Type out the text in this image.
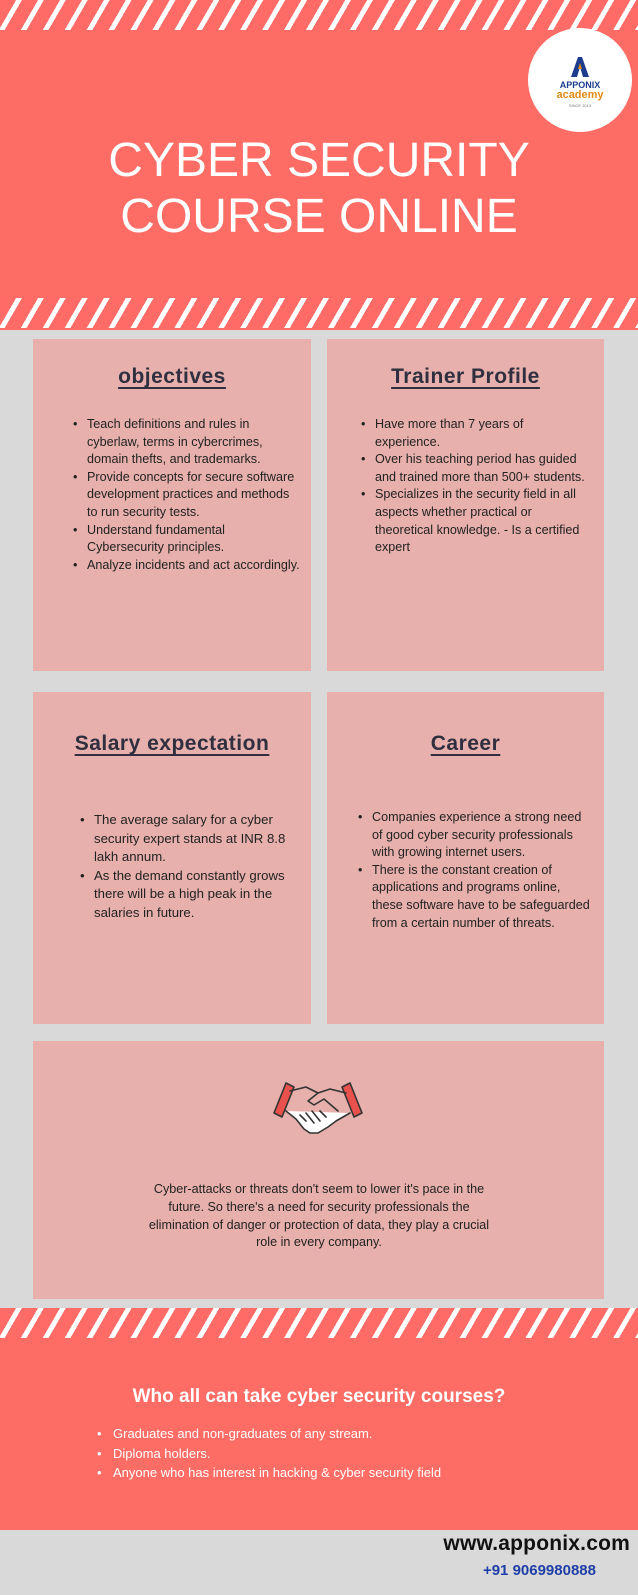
APPONIX
academy
SINCE 2013
CYBER SECURITY
COURSE ONLINE
objectives
• Teach definitions and rules in cyberlaw, terms in cybercrimes, domain thefts, and trademarks.
• Provide concepts for secure software development practices and methods to run security tests.
• Understand fundamental Cybersecurity principles.
• Analyze incidents and act accordingly.
Trainer Profile
• Have more than 7 years of experience.
• Over his teaching period has guided and trained more than 500+ students.
• Specializes in the security field in all aspects whether practical or theoretical knowledge. - Is a certified expert
Salary expectation
• The average salary for a cyber security expert stands at INR 8.8 lakh annum.
• As the demand constantly grows there will be a high peak in the salaries in future.
Career
• Companies experience a strong need of good cyber security professionals with growing internet users.
• There is the constant creation of applications and programs online, these software have to be safeguarded from a certain number of threats.

Cyber-attacks or threats don't seem to lower it's pace in the future. So there's a need for security professionals the elimination of danger or protection of data, they play a crucial role in every company.

Who all can take cyber security courses?
• Graduates and non-graduates of any stream.
• Diploma holders.
• Anyone who has interest in hacking & cyber security field
www.apponix.com
+91 9069980888
